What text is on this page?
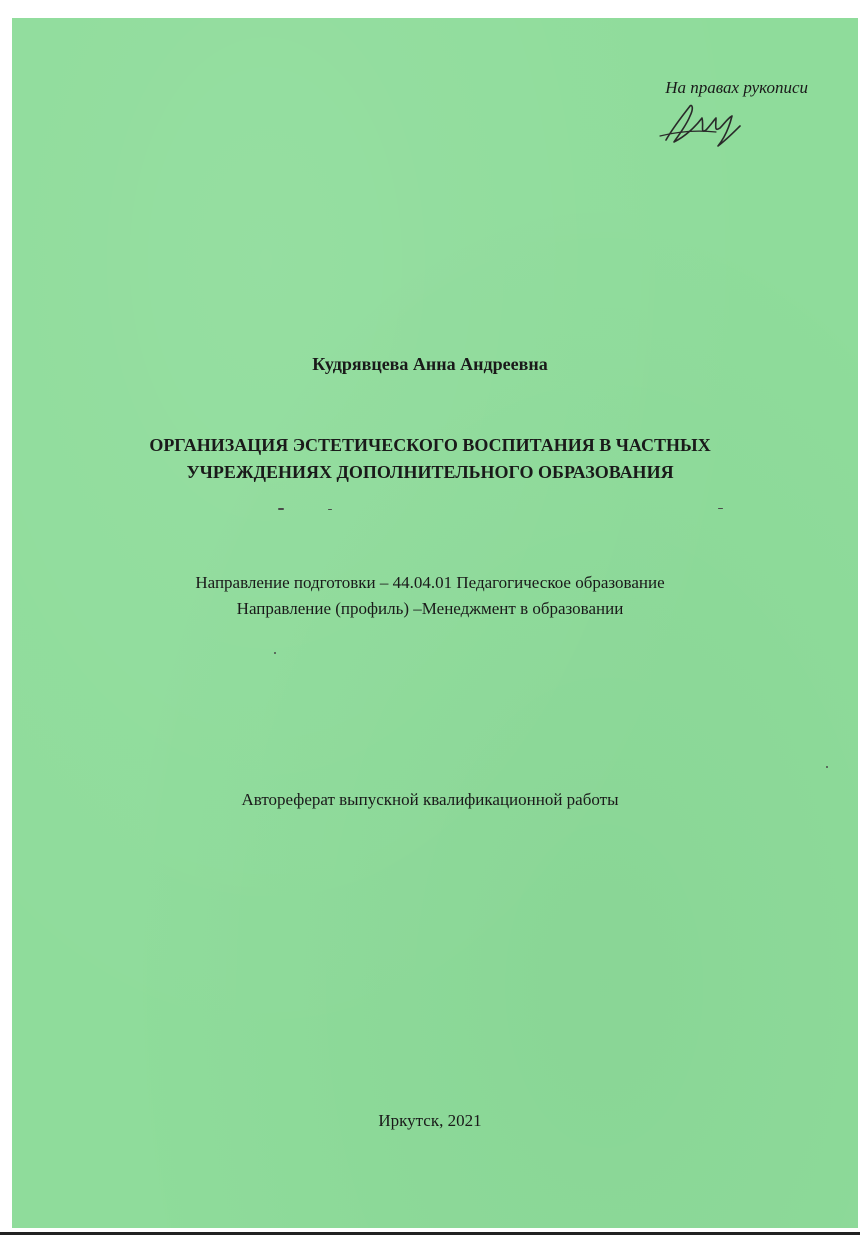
На правах рукописи
Кудрявцева Анна Андреевна
ОРГАНИЗАЦИЯ ЭСТЕТИЧЕСКОГО ВОСПИТАНИЯ В ЧАСТНЫХ
УЧРЕЖДЕНИЯХ ДОПОЛНИТЕЛЬНОГО ОБРАЗОВАНИЯ
Направление подготовки – 44.04.01 Педагогическое образование
Направление (профиль) –Менеджмент в образовании
Автореферат выпускной квалификационной работы
Иркутск, 2021
